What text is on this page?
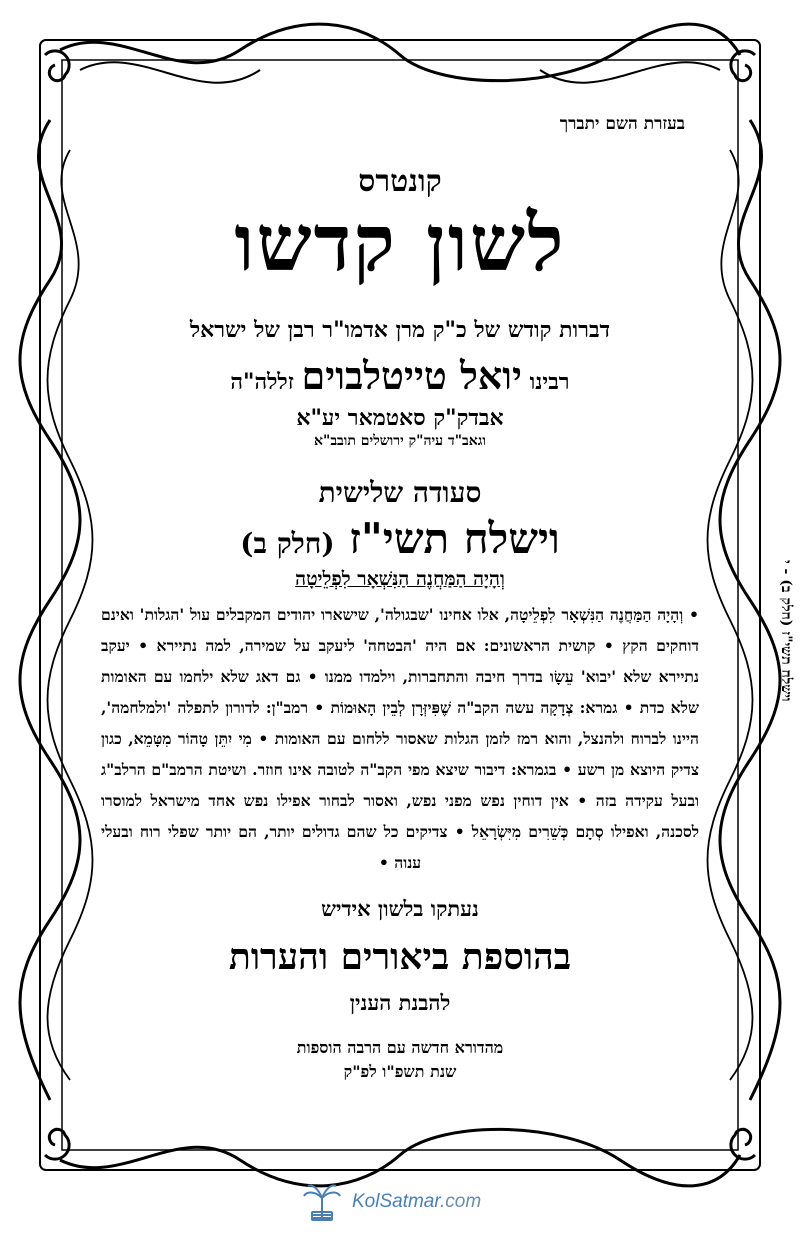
בעזרת השם יתברך
קונטרס
לשון קדשו
דברות קודש של כ"ק מרן אדמו"ר רבן של ישראל
רבינו יואל טייטלבוים זללה"ה
אבדק"ק סאטמאר יע"א
וגאב"ד עיה"ק ירושלים תובב"א
סעודה שלישית
וישלח תשי"ז (חלק ב)
וְהָיָה הַמַּחֲנֶה הַנִּשְׁאָר לִפְלֵיטָה
• וְהָיָה הַמַּחֲנֶה הַנִּשְׁאָר לִפְלֵיטָה, אלו אחינו 'שבגולה', שישארו יהודים המקבלים עול 'הגלות' ואינם דוחקים הקץ • קושית הראשונים: אם היה 'הבטחה' ליעקב על שמירה, למה נתיירא • יעקב נתיירא שלא 'יבוא' עֵשָׂו בדרך חיבה והתחברות, וילמדו ממנו • גם דאג שלא ילחמו עם האומות שלא כדת • גמרא: צְדָקָה עשה הקב"ה שֶׁפִּיזְּרָן לְבֵין הָאוּמוֹת • רמב"ן: לדורון לתפלה 'ולמלחמה', היינו לברוח ולהנצל, והוא רמז לזמן הגלות שאסור ללחום עם האומות • מִי יִתֵּן טָהוֹר מִטָּמֵא, כגון צדיק היוצא מן רשע • בגמרא: דיבור שיצא מפי הקב"ה לטובה אינו חוזר. ושיטת הרמב"ם הרלב"ג ובעל עקידה בזה • אין דוחין נפש מפני נפש, ואסור לבחור אפילו נפש אחד מישראל למוסרו לסכנה, ואפילו סְתָם כְּשֵׁרִים מִיִּשְׂרָאֵל • צדיקים כל שהם גדולים יותר, הם יותר שפלי רוח ובעלי ענוה •
נעתקו בלשון אידיש
בהוספת ביאורים והערות
להבנת הענין
מהדורא חדשה עם הרבה הוספות
שנת תשפ"ו לפ"ק
וישלח תשי"ז (חלק ב) - י
KolSatmar.com
